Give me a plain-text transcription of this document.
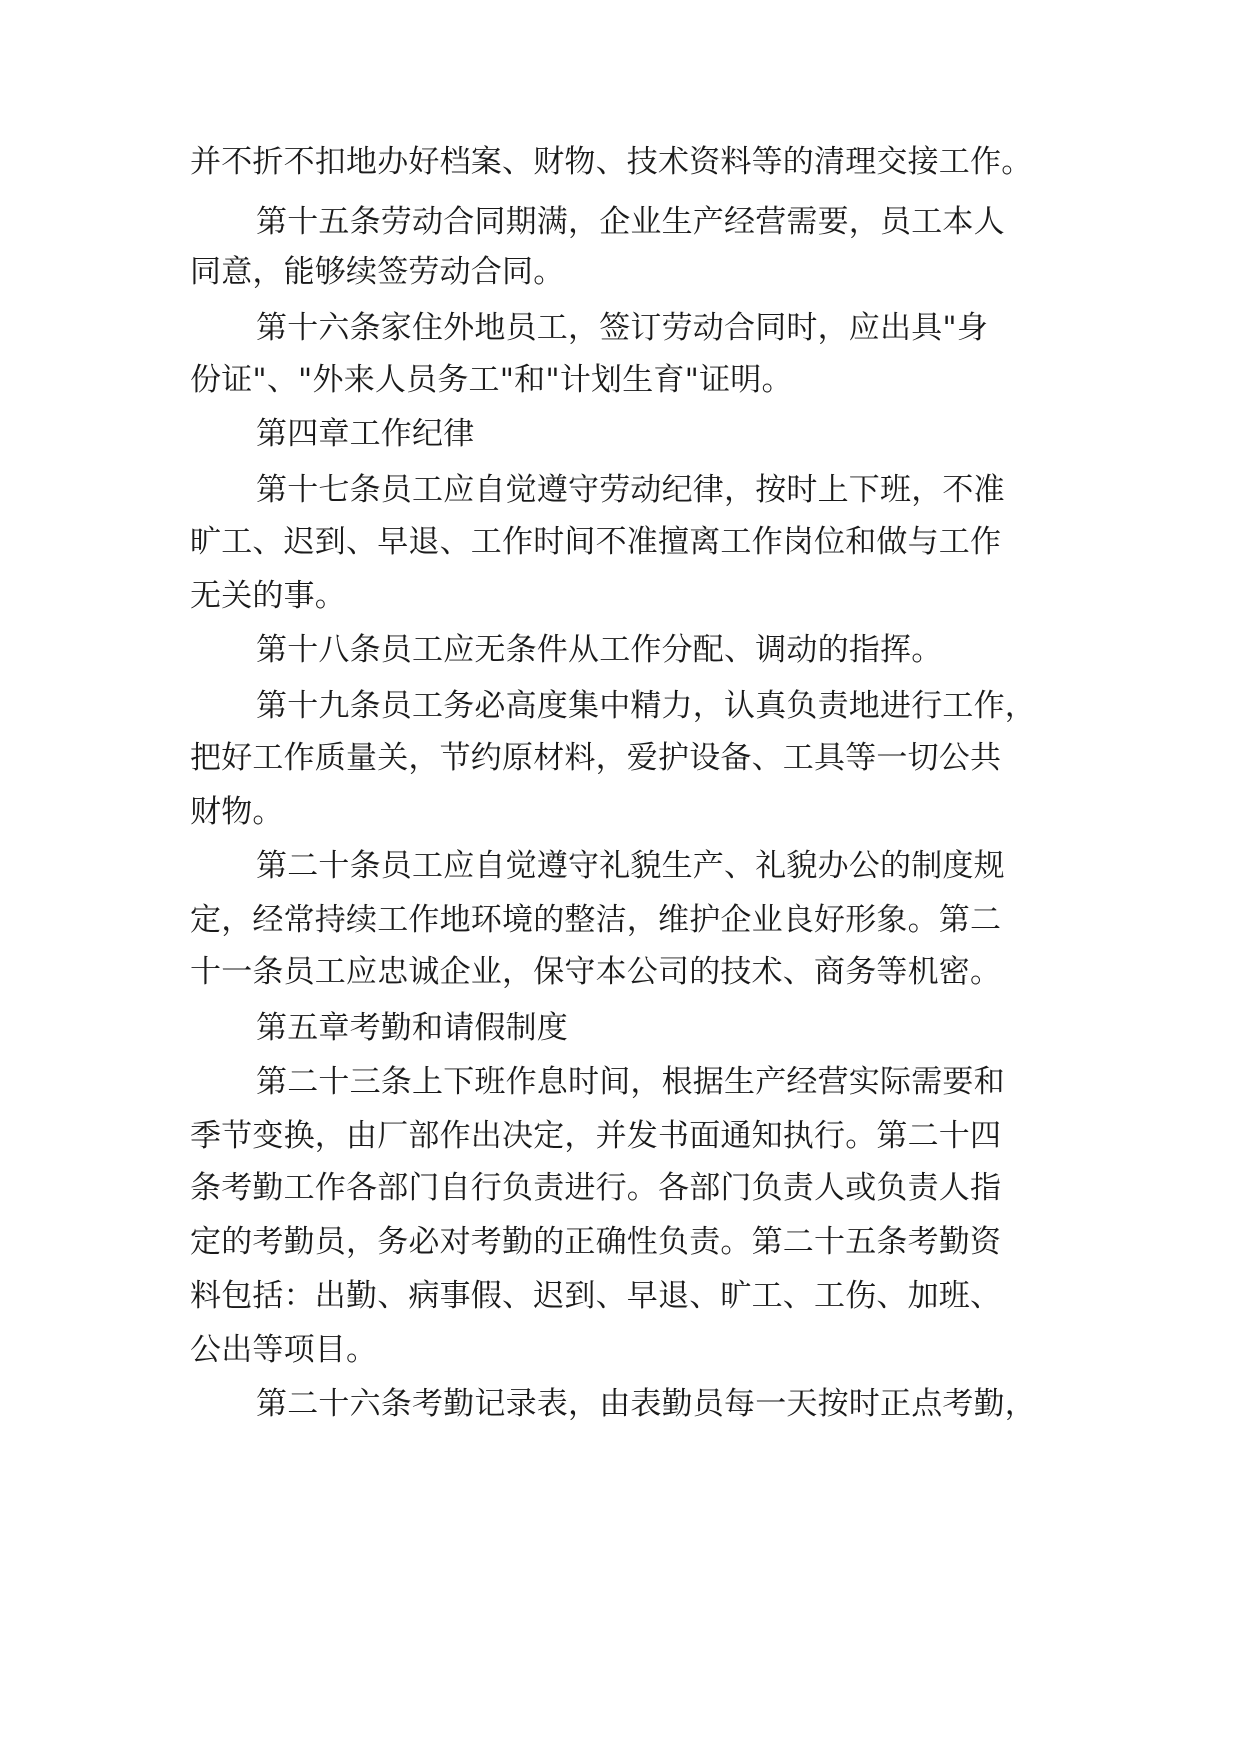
并不折不扣地办好档案、财物、技术资料等的清理交接工作。
第十五条劳动合同期满，企业生产经营需要，员工本人
同意，能够续签劳动合同。
第十六条家住外地员工，签订劳动合同时，应出具"身
份证"、"外来人员务工"和"计划生育"证明。
第四章工作纪律
第十七条员工应自觉遵守劳动纪律，按时上下班，不准
旷工、迟到、早退、工作时间不准擅离工作岗位和做与工作
无关的事。
第十八条员工应无条件从工作分配、调动的指挥。
第十九条员工务必高度集中精力，认真负责地进行工作，
把好工作质量关，节约原材料，爱护设备、工具等一切公共
财物。
第二十条员工应自觉遵守礼貌生产、礼貌办公的制度规
定，经常持续工作地环境的整洁，维护企业良好形象。第二
十一条员工应忠诚企业，保守本公司的技术、商务等机密。
第五章考勤和请假制度
第二十三条上下班作息时间，根据生产经营实际需要和
季节变换，由厂部作出决定，并发书面通知执行。第二十四
条考勤工作各部门自行负责进行。各部门负责人或负责人指
定的考勤员，务必对考勤的正确性负责。第二十五条考勤资
料包括：出勤、病事假、迟到、早退、旷工、工伤、加班、
公出等项目。
第二十六条考勤记录表，由表勤员每一天按时正点考勤，
